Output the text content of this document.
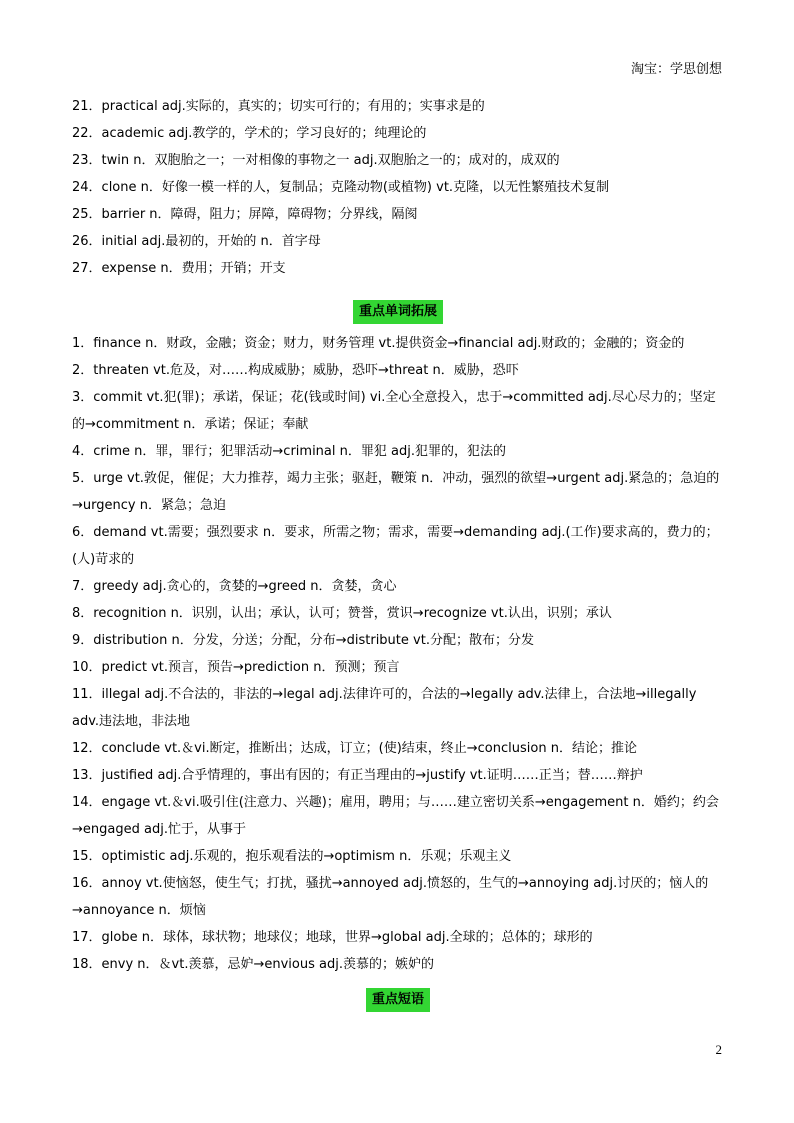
淘宝：学思创想
21．practical adj.实际的，真实的；切实可行的；有用的；实事求是的
22．academic adj.教学的，学术的；学习良好的；纯理论的
23．twin n．双胞胎之一；一对相像的事物之一 adj.双胞胎之一的；成对的，成双的
24．clone n．好像一模一样的人，复制品；克隆动物(或植物) vt.克隆，以无性繁殖技术复制
25．barrier n．障碍，阻力；屏障，障碍物；分界线，隔阂
26．initial adj.最初的，开始的 n．首字母
27．expense n．费用；开销；开支
重点单词拓展
1．finance n．财政，金融；资金；财力，财务管理 vt.提供资金→financial adj.财政的；金融的；资金的
2．threaten vt.危及，对……构成威胁；威胁，恐吓→threat n．威胁，恐吓
3．commit vt.犯(罪)；承诺，保证；花(钱或时间) vi.全心全意投入，忠于→committed adj.尽心尽力的；坚定的→commitment n．承诺；保证；奉献
4．crime n．罪，罪行；犯罪活动→criminal n．罪犯 adj.犯罪的，犯法的
5．urge vt.敦促，催促；大力推荐，竭力主张；驱赶，鞭策 n．冲动，强烈的欲望→urgent adj.紧急的；急迫的→urgency n．紧急；急迫
6．demand vt.需要；强烈要求 n．要求，所需之物；需求，需要→demanding adj.(工作)要求高的，费力的；(人)苛求的
7．greedy adj.贪心的，贪婪的→greed n．贪婪，贪心
8．recognition n．识别，认出；承认，认可；赞誉，赏识→recognize vt.认出，识别；承认
9．distribution n．分发，分送；分配，分布→distribute vt.分配；散布；分发
10．predict vt.预言，预告→prediction n．预测；预言
11．illegal adj.不合法的，非法的→legal adj.法律许可的，合法的→legally adv.法律上，合法地→illegally adv.违法地，非法地
12．conclude vt.＆vi.断定，推断出；达成，订立；(使)结束，终止→conclusion n．结论；推论
13．justified adj.合乎情理的，事出有因的；有正当理由的→justify vt.证明……正当；替……辩护
14．engage vt.＆vi.吸引住(注意力、兴趣)；雇用，聘用；与……建立密切关系→engagement n．婚约；约会→engaged adj.忙于，从事于
15．optimistic adj.乐观的，抱乐观看法的→optimism n．乐观；乐观主义
16．annoy vt.使恼怒，使生气；打扰，骚扰→annoyed adj.愤怒的，生气的→annoying adj.讨厌的；恼人的→annoyance n．烦恼
17．globe n．球体，球状物；地球仪；地球，世界→global adj.全球的；总体的；球形的
18．envy n．＆vt.羡慕，忌妒→envious adj.羡慕的；嫉妒的
重点短语
2
